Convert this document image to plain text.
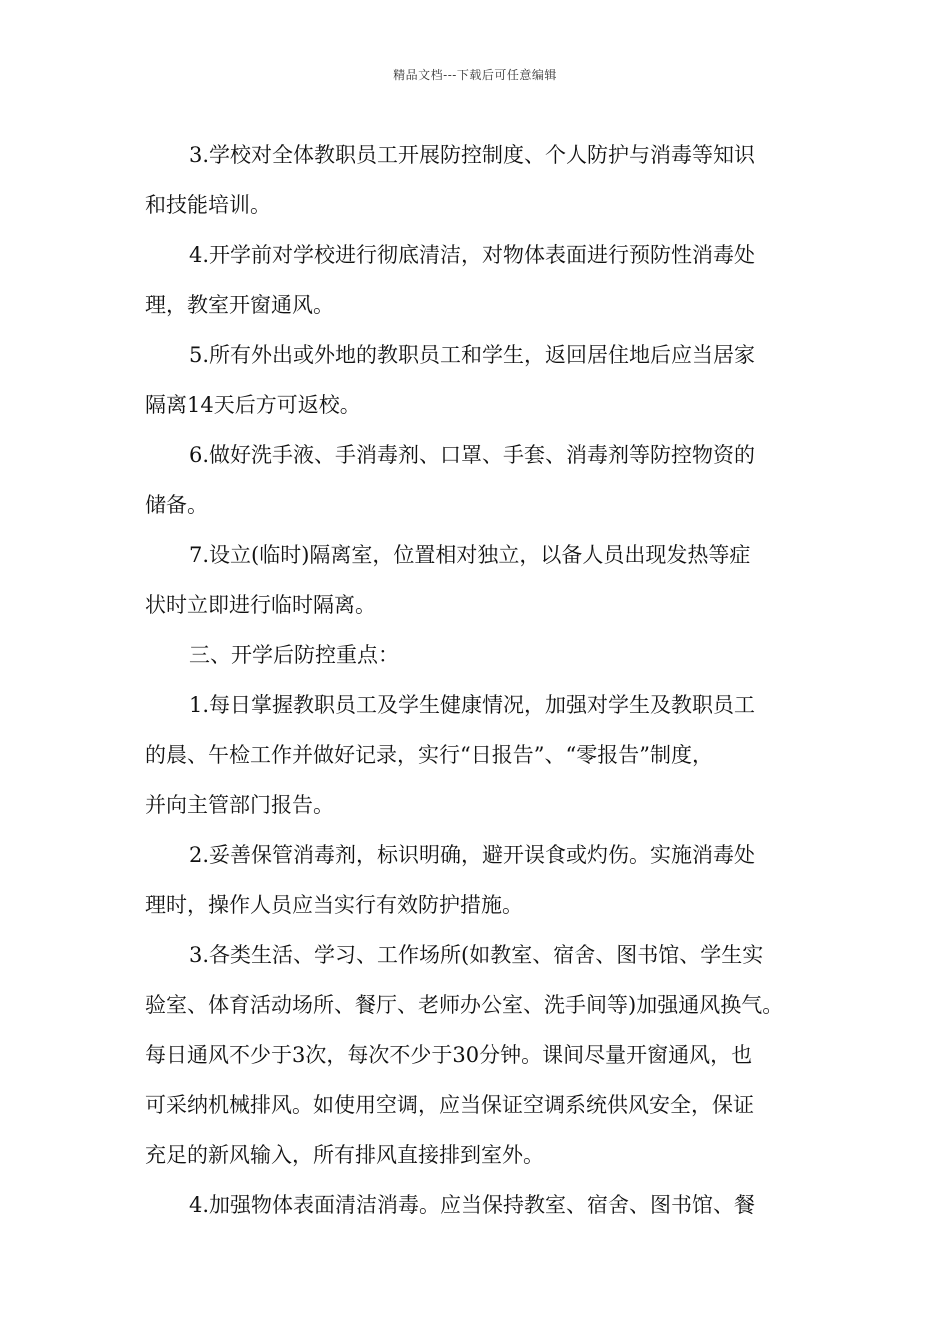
精品文档---下载后可任意编辑
3.学校对全体教职员工开展防控制度、个人防护与消毒等知识
和技能培训。
4.开学前对学校进行彻底清洁，对物体表面进行预防性消毒处
理，教室开窗通风。
5.所有外出或外地的教职员工和学生，返回居住地后应当居家
隔离14天后方可返校。
6.做好洗手液、手消毒剂、口罩、手套、消毒剂等防控物资的
储备。
7.设立(临时)隔离室，位置相对独立，以备人员出现发热等症
状时立即进行临时隔离。
三、开学后防控重点：
1.每日掌握教职员工及学生健康情况，加强对学生及教职员工
的晨、午检工作并做好记录，实行“日报告”、“零报告”制度，
并向主管部门报告。
2.妥善保管消毒剂，标识明确，避开误食或灼伤。实施消毒处
理时，操作人员应当实行有效防护措施。
3.各类生活、学习、工作场所(如教室、宿舍、图书馆、学生实
验室、体育活动场所、餐厅、老师办公室、洗手间等)加强通风换气。
每日通风不少于3次，每次不少于30分钟。课间尽量开窗通风，也
可采纳机械排风。如使用空调，应当保证空调系统供风安全，保证
充足的新风输入，所有排风直接排到室外。
4.加强物体表面清洁消毒。应当保持教室、宿舍、图书馆、餐
